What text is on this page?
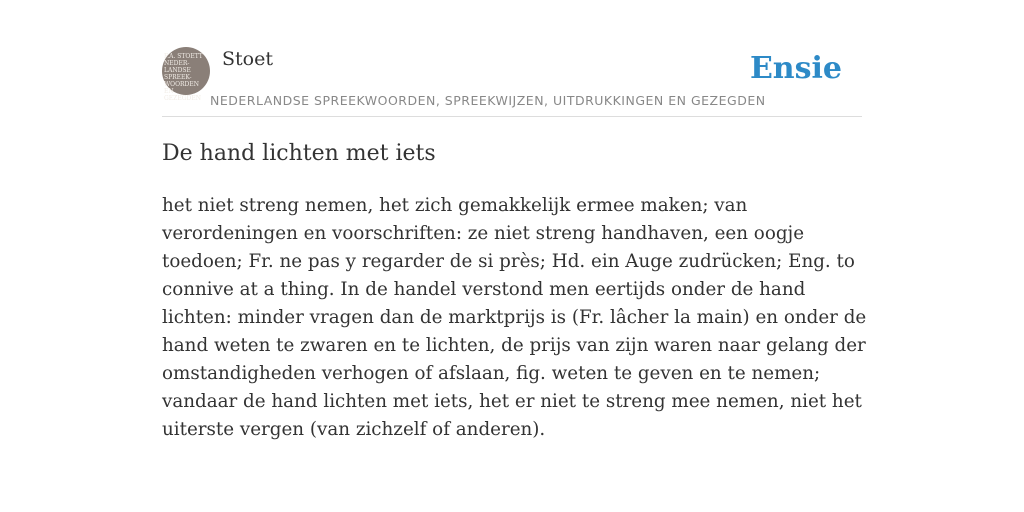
F.A. STOETT
NEDER-
LANDSE
SPREEK-
WOORDEN EN
GEZEGDEN
Stoet
NEDERLANDSE SPREEKWOORDEN, SPREEKWIJZEN, UITDRUKKINGEN EN GEZEGDEN
Ensie
De hand lichten met iets

het niet streng nemen, het zich gemakkelijk ermee maken; van verordeningen en voorschriften: ze niet streng handhaven, een oogje toedoen; Fr. ne pas y regarder de si près; Hd. ein Auge zudrücken; Eng. to connive at a thing. In de handel verstond men eertijds onder de hand lichten: minder vragen dan de marktprijs is (Fr. lâcher la main) en onder de hand weten te zwaren en te lichten, de prijs van zijn waren naar gelang der omstandigheden verhogen of afslaan, fig. weten te geven en te nemen; vandaar de hand lichten met iets, het er niet te streng mee nemen, niet het uiterste vergen (van zichzelf of anderen).
